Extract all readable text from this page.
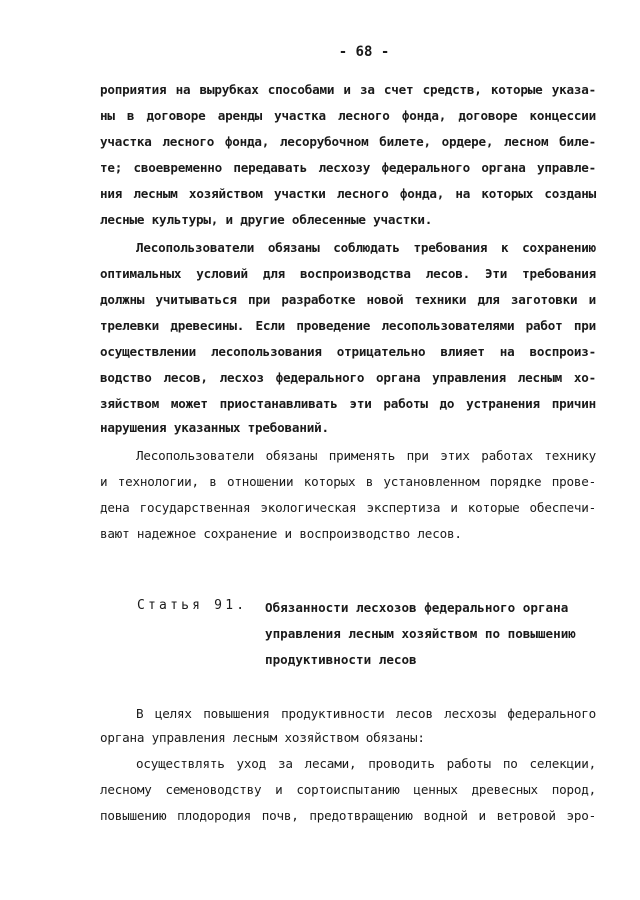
- 68 -
роприятия на вырубках способами и за счет средств, которые указа-
ны в договоре аренды участка лесного фонда, договоре концессии
участка лесного фонда, лесорубочном билете, ордере, лесном биле-
те; своевременно передавать лесхозу федерального органа управле-
ния лесным хозяйством участки лесного фонда, на которых созданы
лесные культуры, и другие облесенные участки.
Лесопользователи обязаны соблюдать требования к сохранению
оптимальных условий для воспроизводства лесов. Эти требования
должны учитываться при разработке новой техники для заготовки и
трелевки древесины. Если проведение лесопользователями работ при
осуществлении лесопользования отрицательно влияет на воспроиз-
водство лесов, лесхоз федерального органа управления лесным хо-
зяйством может приостанавливать эти работы до устранения причин
нарушения указанных требований.
Лесопользователи обязаны применять при этих работах технику
и технологии, в отношении которых в установленном порядке прове-
дена государственная экологическая экспертиза и которые обеспечи-
вают надежное сохранение и воспроизводство лесов.
Статья 91. Обязанности лесхозов федерального органа
управления лесным хозяйством по повышению
продуктивности лесов
В целях повышения продуктивности лесов лесхозы федерального
органа управления лесным хозяйством обязаны:
осуществлять уход за лесами, проводить работы по селекции,
лесному семеноводству и сортоиспытанию ценных древесных пород,
повышению плодородия почв, предотвращению водной и ветровой эро-
